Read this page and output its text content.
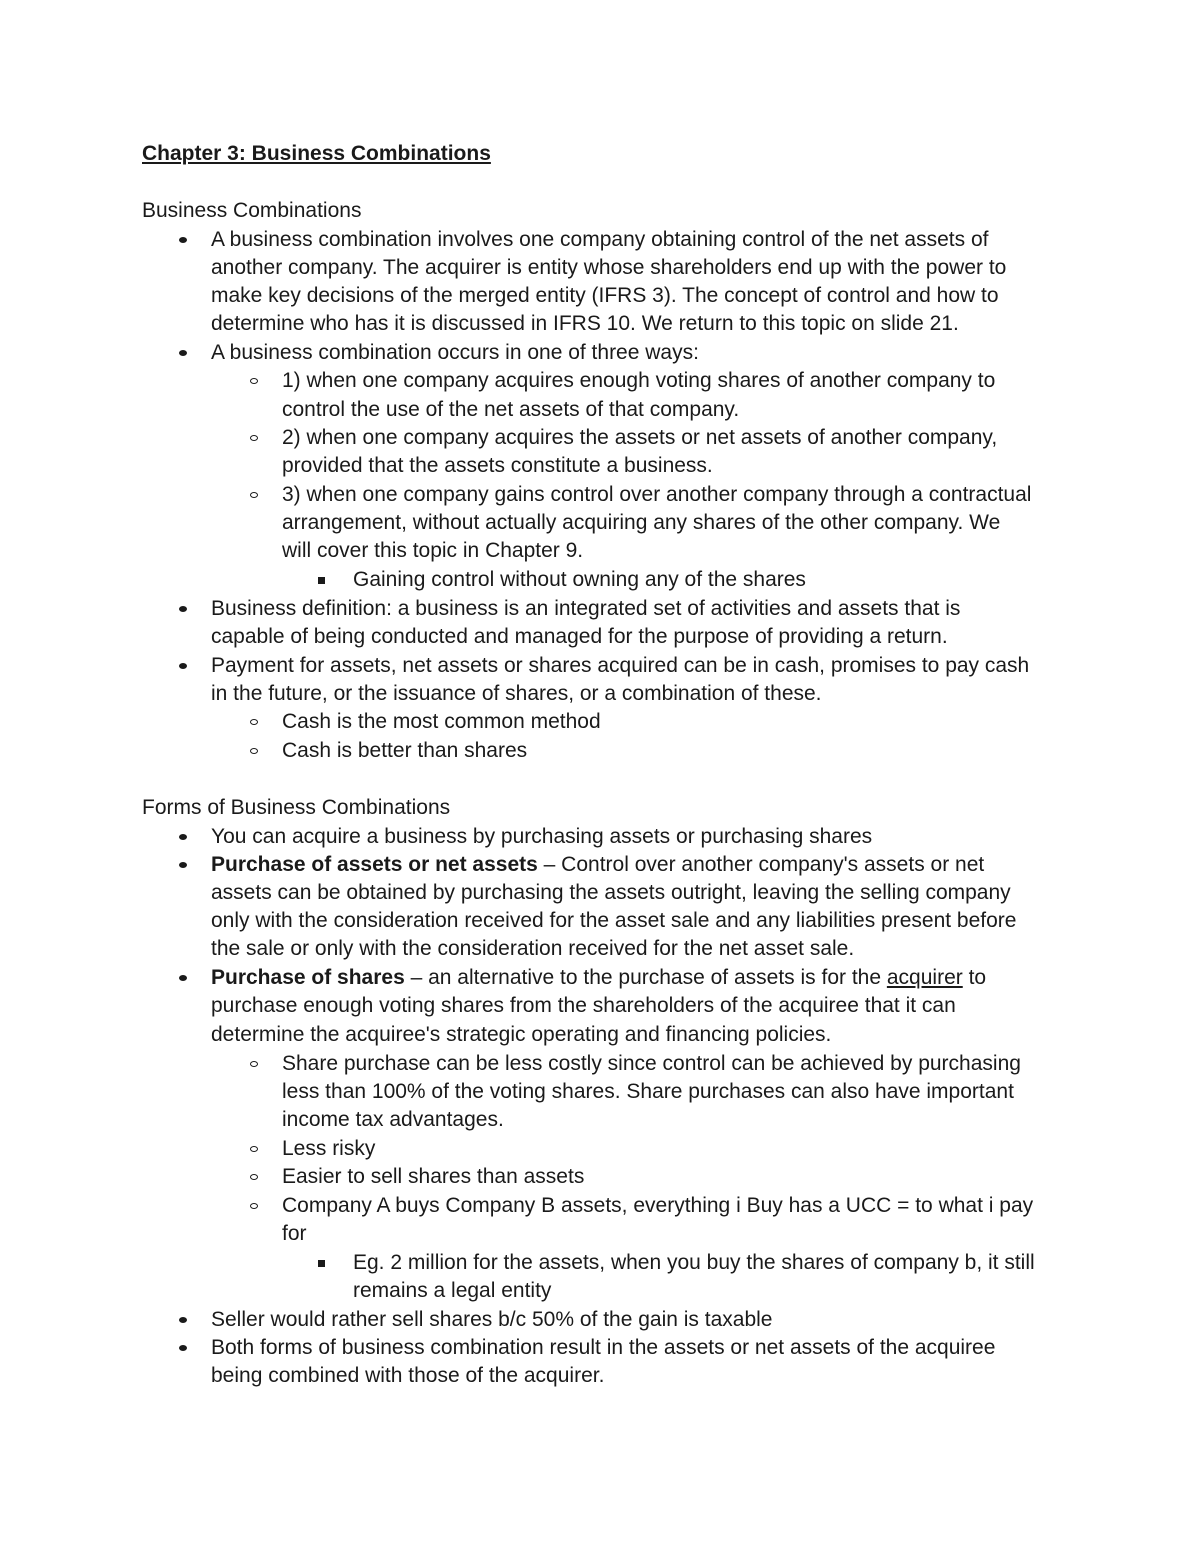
Chapter 3: Business Combinations
Business Combinations
A business combination involves one company obtaining control of the net assets of
another company. The acquirer is entity whose shareholders end up with the power to
make key decisions of the merged entity (IFRS 3). The concept of control and how to
determine who has it is discussed in IFRS 10. We return to this topic on slide 21.
A business combination occurs in one of three ways:
1) when one company acquires enough voting shares of another company to
control the use of the net assets of that company.
2) when one company acquires the assets or net assets of another company,
provided that the assets constitute a business.
3) when one company gains control over another company through a contractual
arrangement, without actually acquiring any shares of the other company. We
will cover this topic in Chapter 9.
Gaining control without owning any of the shares
Business definition: a business is an integrated set of activities and assets that is
capable of being conducted and managed for the purpose of providing a return.
Payment for assets, net assets or shares acquired can be in cash, promises to pay cash
in the future, or the issuance of shares, or a combination of these.
Cash is the most common method
Cash is better than shares
Forms of Business Combinations
You can acquire a business by purchasing assets or purchasing shares
Purchase of assets or net assets – Control over another company's assets or net
assets can be obtained by purchasing the assets outright, leaving the selling company
only with the consideration received for the asset sale and any liabilities present before
the sale or only with the consideration received for the net asset sale.
Purchase of shares – an alternative to the purchase of assets is for the acquirer to
purchase enough voting shares from the shareholders of the acquiree that it can
determine the acquiree's strategic operating and financing policies.
Share purchase can be less costly since control can be achieved by purchasing
less than 100% of the voting shares. Share purchases can also have important
income tax advantages.
Less risky
Easier to sell shares than assets
Company A buys Company B assets, everything i Buy has a UCC = to what i pay
for
Eg. 2 million for the assets, when you buy the shares of company b, it still
remains a legal entity
Seller would rather sell shares b/c 50% of the gain is taxable
Both forms of business combination result in the assets or net assets of the acquiree
being combined with those of the acquirer.
